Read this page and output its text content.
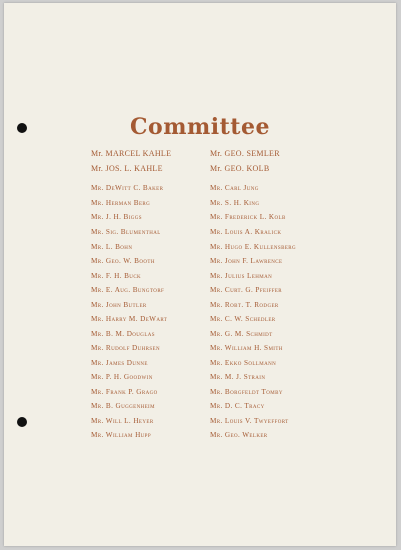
Committee
Mr. MARCEL KAHLE
Mr. JOS. L. KAHLE
Mr. DeWitt C. Baker
Mr. Herman Berg
Mr. J. H. Biggs
Mr. Sig. Blumenthal
Mr. L. Bohn
Mr. Geo. W. Booth
Mr. F. H. Buck
Mr. E. Aug. Bungtorf
Mr. John Butler
Mr. Harry M. DeWart
Mr. B. M. Douglas
Mr. Rudolf Duhrsen
Mr. James Dunne
Mr. P. H. Goodwin
Mr. Frank P. Grago
Mr. B. Guggenheim
Mr. Will L. Heyer
Mr. William Hupp
Mr. GEO. SEMLER
Mr. GEO. KOLB
Mr. Carl Jung
Mr. S. H. King
Mr. Frederick L. Kolb
Mr. Louis A. Kralick
Mr. Hugo E. Kullensberg
Mr. John F. Lawrence
Mr. Julius Lehman
Mr. Curt. G. Pfeiffer
Mr. Robt. T. Rodger
Mr. C. W. Schedler
Mr. G. M. Schmidt
Mr. William H. Smith
Mr. Ekko Sollmann
Mr. M. J. Strain
Mr. Borgfeldt Tomby
Mr. D. C. Tracy
Mr. Louis V. Twyeffort
Mr. Geo. Welker
